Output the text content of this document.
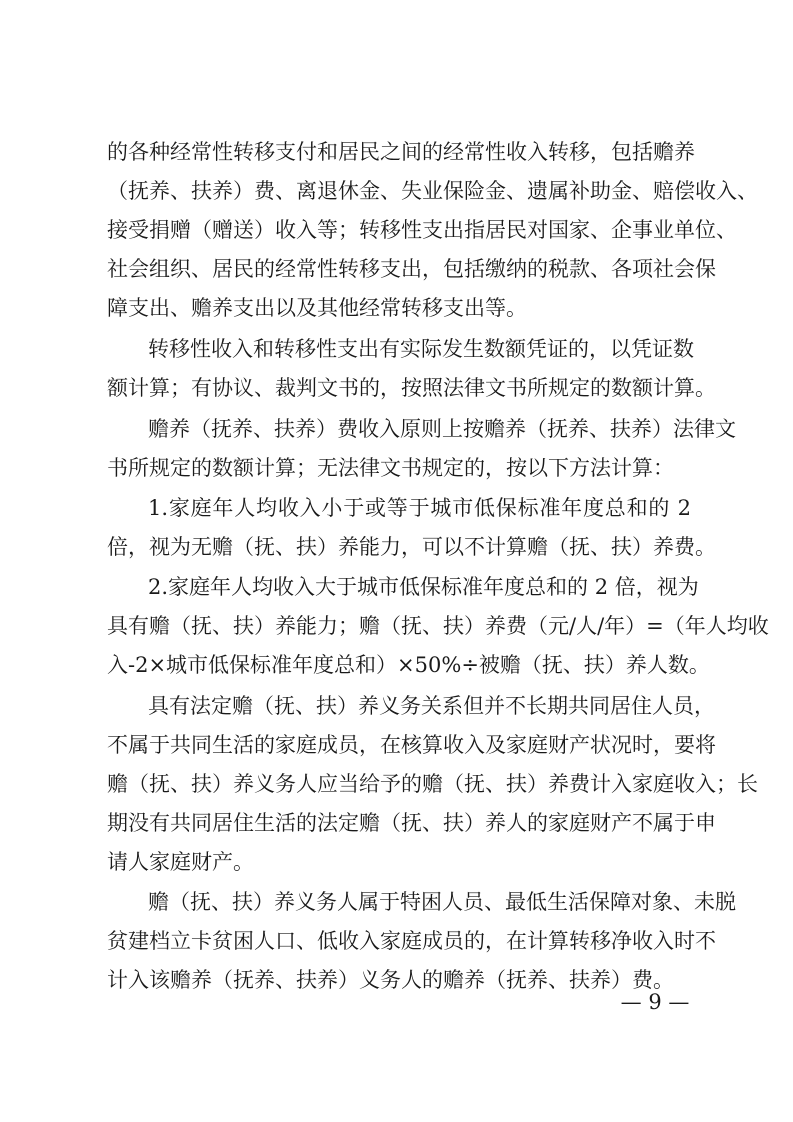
的各种经常性转移支付和居民之间的经常性收入转移，包括赡养
（抚养、扶养）费、离退休金、失业保险金、遗属补助金、赔偿收入、
接受捐赠（赠送）收入等；转移性支出指居民对国家、企事业单位、
社会组织、居民的经常性转移支出，包括缴纳的税款、各项社会保
障支出、赡养支出以及其他经常转移支出等。
转移性收入和转移性支出有实际发生数额凭证的，以凭证数
额计算；有协议、裁判文书的，按照法律文书所规定的数额计算。
赡养（抚养、扶养）费收入原则上按赡养（抚养、扶养）法律文
书所规定的数额计算；无法律文书规定的，按以下方法计算：
1.家庭年人均收入小于或等于城市低保标准年度总和的 2
倍，视为无赡（抚、扶）养能力，可以不计算赡（抚、扶）养费。
2.家庭年人均收入大于城市低保标准年度总和的 2 倍，视为
具有赡（抚、扶）养能力；赡（抚、扶）养费（元/人/年）=（年人均收
入-2×城市低保标准年度总和）×50%÷被赡（抚、扶）养人数。
具有法定赡（抚、扶）养义务关系但并不长期共同居住人员，
不属于共同生活的家庭成员，在核算收入及家庭财产状况时，要将
赡（抚、扶）养义务人应当给予的赡（抚、扶）养费计入家庭收入；长
期没有共同居住生活的法定赡（抚、扶）养人的家庭财产不属于申
请人家庭财产。
赡（抚、扶）养义务人属于特困人员、最低生活保障对象、未脱
贫建档立卡贫困人口、低收入家庭成员的，在计算转移净收入时不
计入该赡养（抚养、扶养）义务人的赡养（抚养、扶养）费。
— 9 —
